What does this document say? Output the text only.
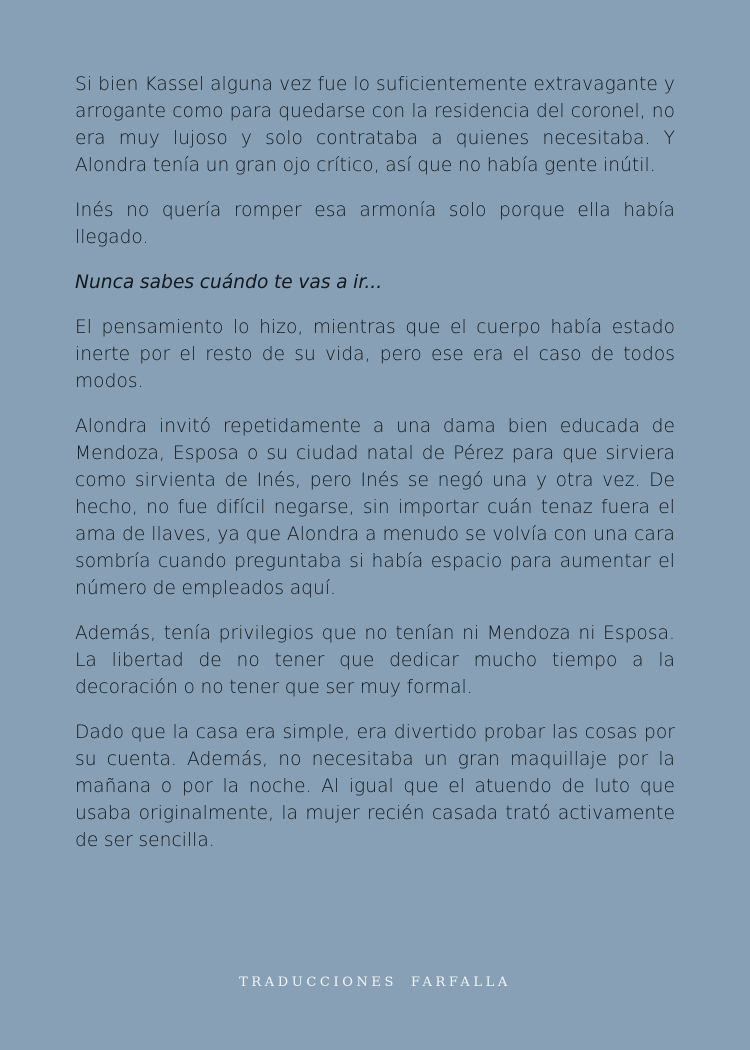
Si bien Kassel alguna vez fue lo suficientemente extravagante y arrogante como para quedarse con la residencia del coronel, no era muy lujoso y solo contrataba a quienes necesitaba. Y Alondra tenía un gran ojo crítico, así que no había gente inútil.

Inés no quería romper esa armonía solo porque ella había llegado.

Nunca sabes cuándo te vas a ir...

El pensamiento lo hizo, mientras que el cuerpo había estado inerte por el resto de su vida, pero ese era el caso de todos modos.

Alondra invitó repetidamente a una dama bien educada de Mendoza, Esposa o su ciudad natal de Pérez para que sirviera como sirvienta de Inés, pero Inés se negó una y otra vez. De hecho, no fue difícil negarse, sin importar cuán tenaz fuera el ama de llaves, ya que Alondra a menudo se volvía con una cara sombría cuando preguntaba si había espacio para aumentar el número de empleados aquí.

Además, tenía privilegios que no tenían ni Mendoza ni Esposa. La libertad de no tener que dedicar mucho tiempo a la decoración o no tener que ser muy formal.

Dado que la casa era simple, era divertido probar las cosas por su cuenta. Además, no necesitaba un gran maquillaje por la mañana o por la noche. Al igual que el atuendo de luto que usaba originalmente, la mujer recién casada trató activamente de ser sencilla.

TRADUCCIONES FARFALLA
